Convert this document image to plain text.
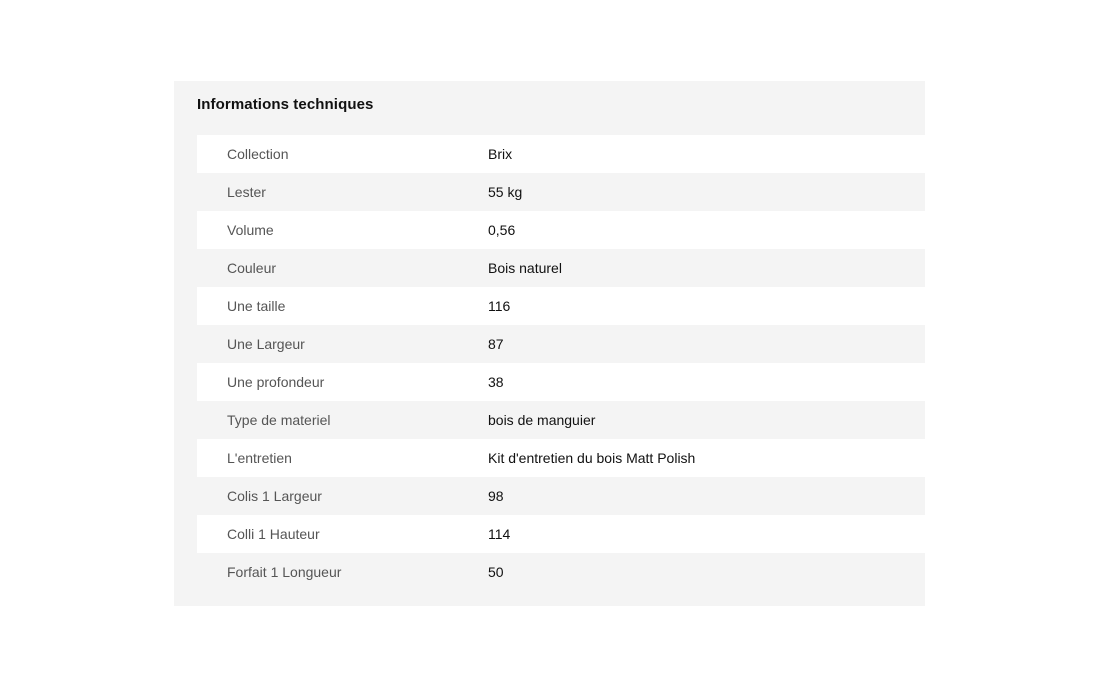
Informations techniques
Collection	Brix
Lester	55 kg
Volume	0,56
Couleur	Bois naturel
Une taille	116
Une Largeur	87
Une profondeur	38
Type de materiel	bois de manguier
L'entretien	Kit d'entretien du bois Matt Polish
Colis 1 Largeur	98
Colli 1 Hauteur	114
Forfait 1 Longueur	50
